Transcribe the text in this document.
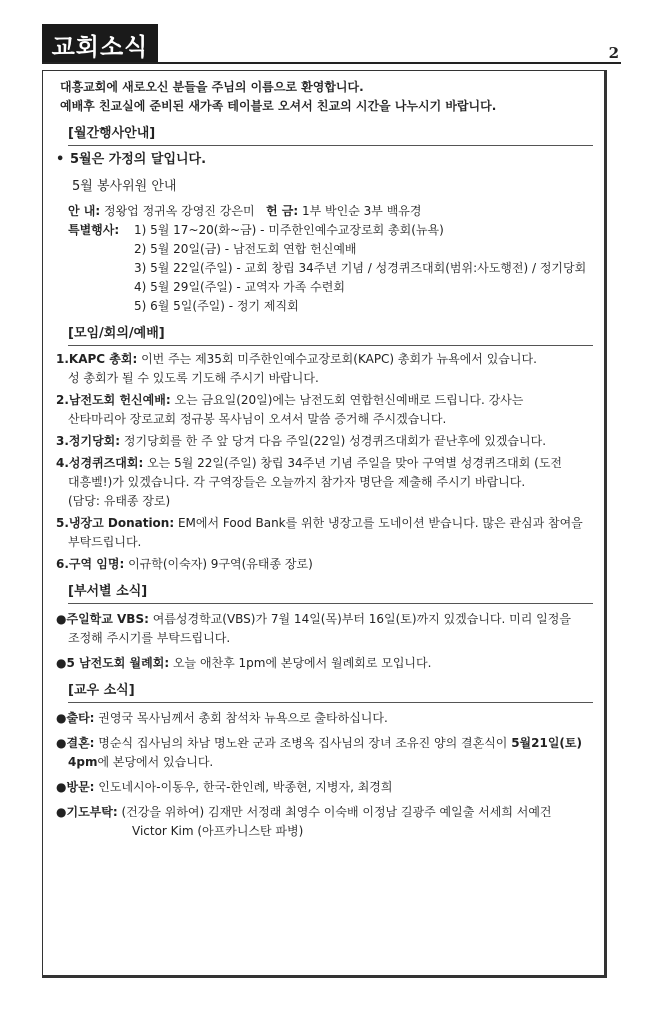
교회소식	2
대흥교회에 새로오신 분들을 주님의 이름으로 환영합니다.
예배후 친교실에 준비된 새가족 테이블로 오셔서 친교의 시간을 나누시기 바랍니다.
[월간행사안내]
• 5월은 가정의 달입니다.
5월 봉사위원 안내
안 내: 정왕업 정귀옥 강영진 강은미 헌 금: 1부 박인순 3부 백유경
특별행사:	1) 5월 17~20(화~금) - 미주한인예수교장로회 총회(뉴욕)
2) 5월 20일(금) - 남전도회 연합 헌신예배
3) 5월 22일(주일) - 교회 창립 34주년 기념 / 성경퀴즈대회(범위:사도행전) / 정기당회
4) 5월 29일(주일) - 교역자 가족 수련회
5) 6월 5일(주일) - 정기 제직회
[모임/회의/예배]
1.KAPC 총회: 이번 주는 제35회 미주한인예수교장로회(KAPC) 총회가 뉴욕에서 있습니다.
성 총회가 될 수 있도록 기도해 주시기 바랍니다.
2.남전도회 헌신예배: 오는 금요일(20일)에는 남전도회 연합헌신예배로 드립니다. 강사는
산타마리아 장로교회 정규봉 목사님이 오셔서 말씀 증거해 주시겠습니다.
3.정기당회: 정기당회를 한 주 앞 당겨 다음 주일(22일) 성경퀴즈대회가 끝난후에 있겠습니다.
4.성경퀴즈대회: 오는 5월 22일(주일) 창립 34주년 기념 주일을 맞아 구역별 성경퀴즈대회 (도전
대흥벨!)가 있겠습니다. 각 구역장들은 오늘까지 참가자 명단을 제출해 주시기 바랍니다.
(담당: 유태종 장로)
5.냉장고 Donation: EM에서 Food Bank를 위한 냉장고를 도네이션 받습니다. 많은 관심과 참여을
부탁드립니다.
6.구역 임명: 이규학(이숙자) 9구역(유태종 장로)
[부서별 소식]
●주일학교 VBS: 여름성경학교(VBS)가 7월 14일(목)부터 16일(토)까지 있겠습니다. 미리 일정을
조정해 주시기를 부탁드립니다.
●5 남전도회 월례회: 오늘 애찬후 1pm에 본당에서 월례회로 모입니다.
[교우 소식]
●출타: 권영국 목사님께서 총회 참석차 뉴욕으로 출타하십니다.
●결혼: 명순식 집사님의 차남 명노완 군과 조병옥 집사님의 장녀 조유진 양의 결혼식이 5월21일(토)
4pm에 본당에서 있습니다.
●방문: 인도네시아-이동우, 한국-한인례, 박종현, 지병자, 최경희
●기도부탁: (건강을 위하여) 김재만 서정래 최영수 이숙배 이정남 길광주 예일출 서세희 서예건
Victor Kim (아프카니스탄 파병)
